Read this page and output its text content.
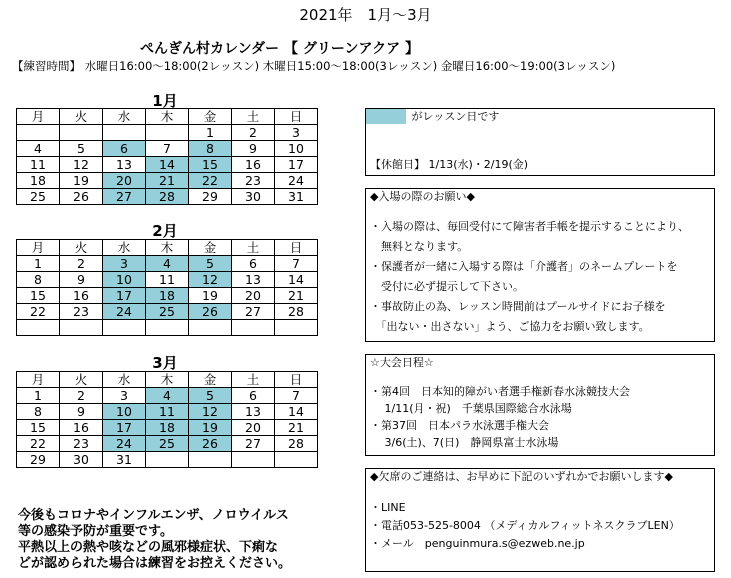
2021年　1月〜3月
ぺんぎん村カレンダー 【 グリーンアクア 】
【練習時間】 水曜日16:00〜18:00(2レッスン) 木曜日15:00〜18:00(3レッスン) 金曜日16:00〜19:00(3レッスン)
1月
2月
3月
月	火	水	木	金	土	日
				1	2	3
4	5	6	7	8	9	10
11	12	13	14	15	16	17
18	19	20	21	22	23	24
25	26	27	28	29	30	31
月	火	水	木	金	土	日
1	2	3	4	5	6	7
8	9	10	11	12	13	14
15	16	17	18	19	20	21
22	23	24	25	26	27	28

月	火	水	木	金	土	日
1	2	3	4	5	6	7
8	9	10	11	12	13	14
15	16	17	18	19	20	21
22	23	24	25	26	27	28
29	30	31				
がレッスン日です
【休館日】 1/13(水)・2/19(金)
◆入場の際のお願い◆
・入場の際は、毎回受付にて障害者手帳を提示することにより、
　無料となります。
・保護者が一緒に入場する際は「介護者」のネームプレートを
　受付に必ず提示して下さい。
・事故防止の為、レッスン時間前はプールサイドにお子様を
　「出ない・出さない」よう、ご協力をお願い致します。
☆大会日程☆
・第4回　日本知的障がい者選手権新春水泳競技大会
　 1/11(月・祝)　千葉県国際総合水泳場
・第37回　日本パラ水泳選手権大会
　 3/6(土)、7(日)　静岡県富士水泳場
◆欠席のご連絡は、お早めに下記のいずれかでお願いします◆
・LINE
・電話053-525-8004 （メディカルフィットネスクラブLEN）
・メール　penguinmura.s@ezweb.ne.jp
今後もコロナやインフルエンザ、ノロウイルス
等の感染予防が重要です。
平熱以上の熱や咳などの風邪様症状、下痢な
どが認められた場合は練習をお控えください。
